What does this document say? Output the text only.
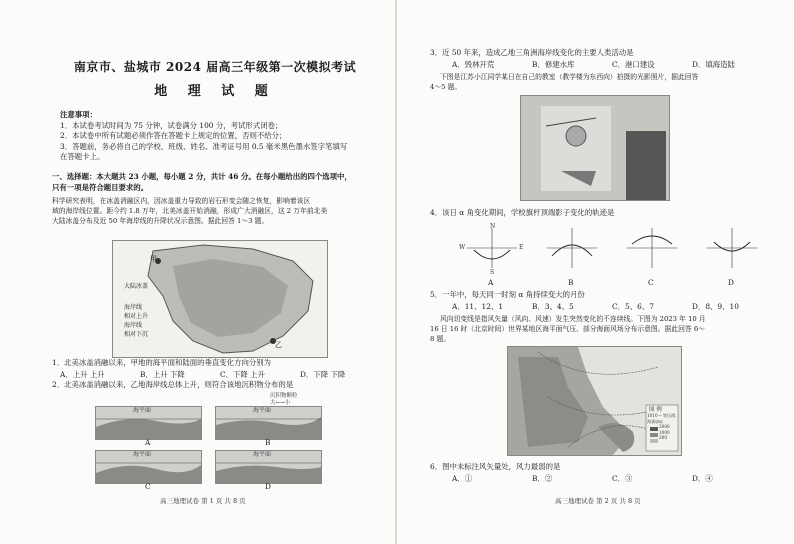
南京市、盐城市 2024 届高三年级第一次模拟考试
地 理 试 题
注意事项：
1．本试卷考试时间为 75 分钟，试卷满分 100 分，考试形式闭卷；
2．本试卷中所有试题必须作答在答题卡上规定的位置，否则不给分；
3．答题前，务必将自己的学校、班级、姓名、准考证号用 0.5 毫米黑色墨水签字笔填写
在答题卡上。
一、选择题：本大题共 23 小题，每小题 2 分，共计 46 分。在每小题给出的四个选项中，
只有一项是符合题目要求的。
科学研究表明，在冰盖消融区内，因冰盖重力导致的岩石形变会随之恢复，影响着该区
域的海岸线位置。距今约 1.8 万年，北美冰盖开始消融，形成广大消融区，这 2 万年前北美
大陆冰盖分布及近 50 年海岸线的升降状况示意图。据此回答 1～3 题。
甲
乙
大陆冰盖
海岸线
相对上升
海岸线
相对下沉
1．北美冰盖消融以来，甲地的海平面和陆面的垂直变化方向分别为
A．上升 上升	B．上升 下降	C．下降 上升	D．下降 下降
2．北美冰盖消融以来，乙地海岸线总体上升，则符合该地沉积物分布的是
沉积物颗粒
大←→小
海平面
A
海平面
B
海平面
C
海平面
D
高三地理试卷 第 1 页 共 8 页
3．近 50 年来，造成乙地三角洲海岸线变化的主要人类活动是
A．毁林开荒	B．修建水库	C．港口建设	D．填海造陆
下图是江苏小江同学某日在自己的教室（教学楼为东西向）拍摄的光影照片，据此回答
4～5 题。
4．该日 α 角变化期间，学校旗杆顶端影子变化的轨迹是
N
S
W	E
A	B	C	D
5．一年中，每天同一时刻 α 角持续变大的月份
A．11、12、1	B．3、4、5	C．5、6、7	D．8、9、10
风向切变线是指风矢量（风向、风速）发生突然变化的不连续线。下图为 2023 年 10 月
16 日 16 时（北京时间）世界某地区海平面气压、部分海面风场分布示意图。据此回答 6～
8 题。
图 例
1010 ─ 等压线
海拔(m)
2000
1000
200
6．图中未标注风矢量处，风力最弱的是
A．①	B．②	C．③	D．④
高三地理试卷 第 2 页 共 8 页
